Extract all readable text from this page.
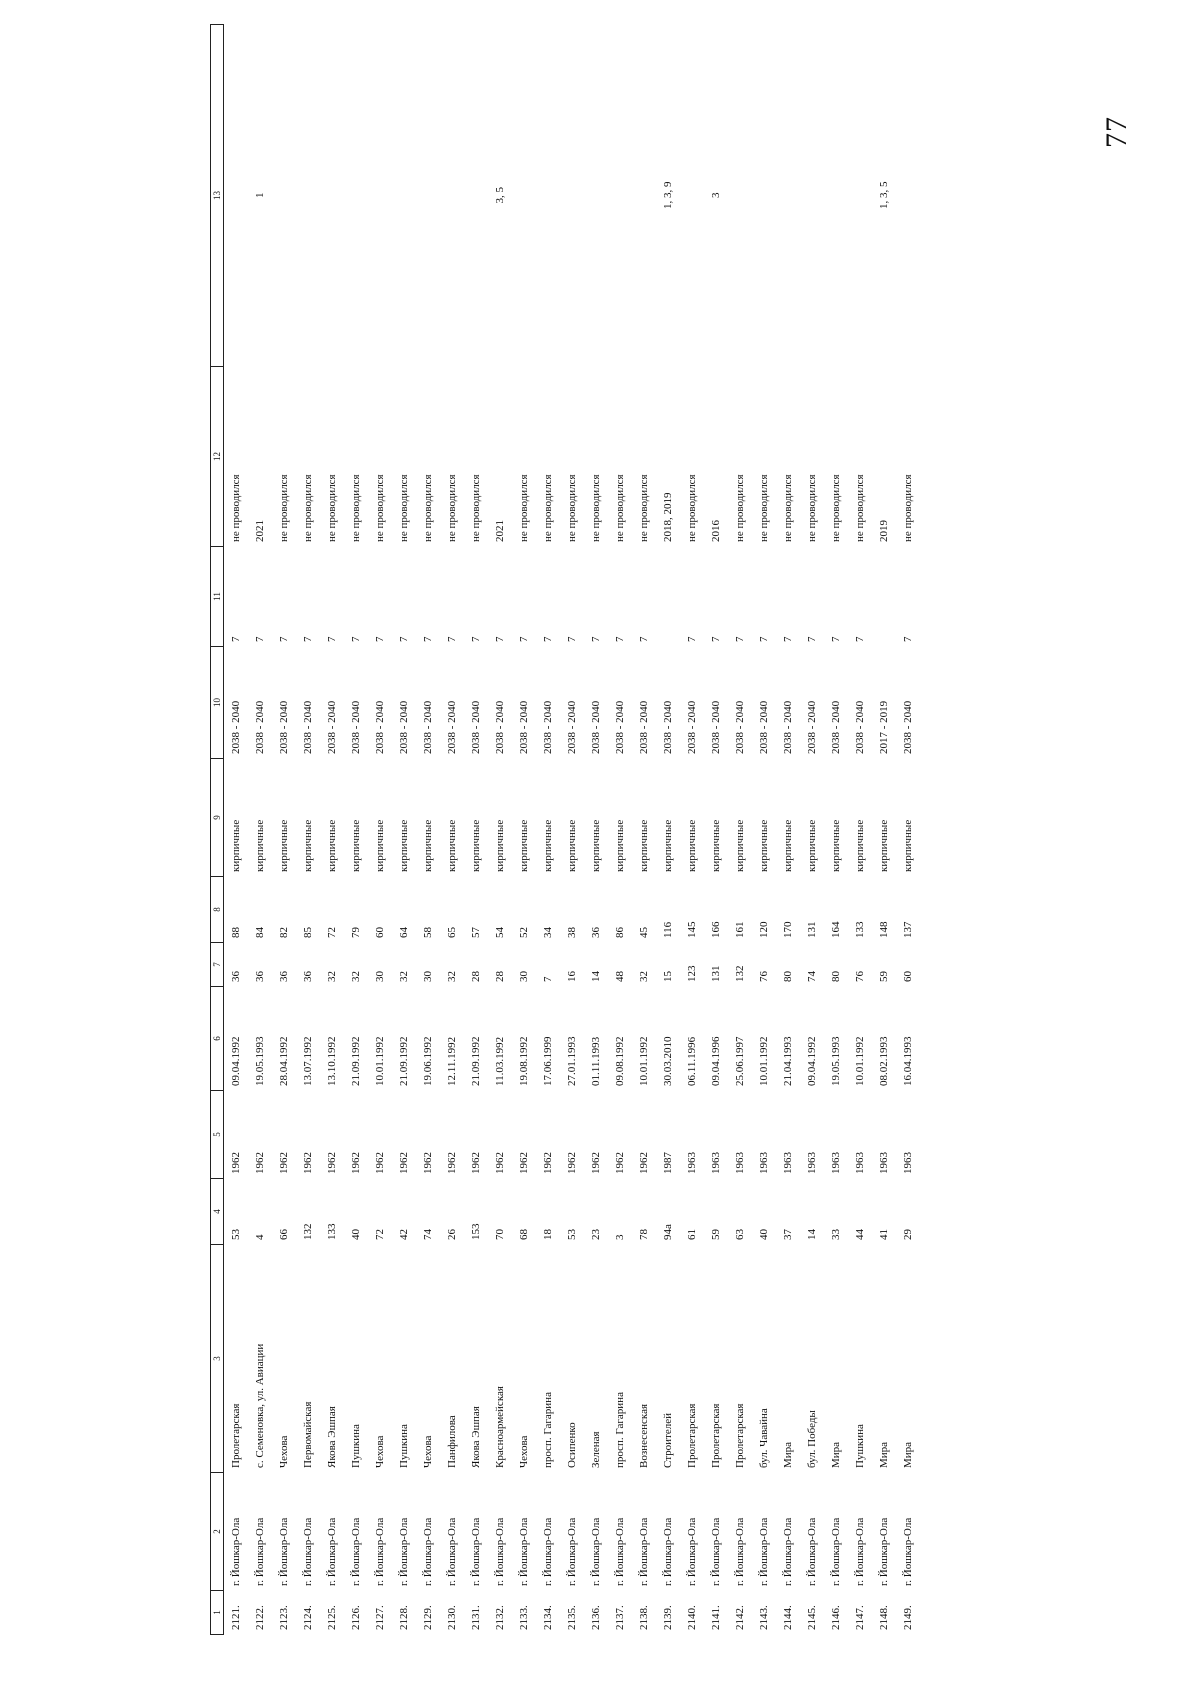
77
1	2	3	4	5	6	7	8	9	10	11	12	13
2121.	г. Йошкар-Ола	Пролетарская	53	1962	09.04.1992	36	88	кирпичные	2038 - 2040	7	не проводился	
2122.	г. Йошкар-Ола	с. Семеновка, ул. Авиации	4	1962	19.05.1993	36	84	кирпичные	2038 - 2040	7	2021	1
2123.	г. Йошкар-Ола	Чехова	66	1962	28.04.1992	36	82	кирпичные	2038 - 2040	7	не проводился	
2124.	г. Йошкар-Ола	Первомайская	132	1962	13.07.1992	36	85	кирпичные	2038 - 2040	7	не проводился	
2125.	г. Йошкар-Ола	Якова Эшпая	133	1962	13.10.1992	32	72	кирпичные	2038 - 2040	7	не проводился	
2126.	г. Йошкар-Ола	Пушкина	40	1962	21.09.1992	32	79	кирпичные	2038 - 2040	7	не проводился	
2127.	г. Йошкар-Ола	Чехова	72	1962	10.01.1992	30	60	кирпичные	2038 - 2040	7	не проводился	
2128.	г. Йошкар-Ола	Пушкина	42	1962	21.09.1992	32	64	кирпичные	2038 - 2040	7	не проводился	
2129.	г. Йошкар-Ола	Чехова	74	1962	19.06.1992	30	58	кирпичные	2038 - 2040	7	не проводился	
2130.	г. Йошкар-Ола	Панфилова	26	1962	12.11.1992	32	65	кирпичные	2038 - 2040	7	не проводился	
2131.	г. Йошкар-Ола	Якова Эшпая	153	1962	21.09.1992	28	57	кирпичные	2038 - 2040	7	не проводился	
2132.	г. Йошкар-Ола	Красноармейская	70	1962	11.03.1992	28	54	кирпичные	2038 - 2040	7	2021	3, 5
2133.	г. Йошкар-Ола	Чехова	68	1962	19.08.1992	30	52	кирпичные	2038 - 2040	7	не проводился	
2134.	г. Йошкар-Ола	просп. Гагарина	18	1962	17.06.1999	7	34	кирпичные	2038 - 2040	7	не проводился	
2135.	г. Йошкар-Ола	Осипенко	53	1962	27.01.1993	16	38	кирпичные	2038 - 2040	7	не проводился	
2136.	г. Йошкар-Ола	Зеленая	23	1962	01.11.1993	14	36	кирпичные	2038 - 2040	7	не проводился	
2137.	г. Йошкар-Ола	просп. Гагарина	3	1962	09.08.1992	48	86	кирпичные	2038 - 2040	7	не проводился	
2138.	г. Йошкар-Ола	Вознесенская	78	1962	10.01.1992	32	45	кирпичные	2038 - 2040	7	не проводился	
2139.	г. Йошкар-Ола	Строителей	94а	1987	30.03.2010	15	116	кирпичные	2038 - 2040		2018, 2019	1, 3, 9
2140.	г. Йошкар-Ола	Пролетарская	61	1963	06.11.1996	123	145	кирпичные	2038 - 2040	7	не проводился	
2141.	г. Йошкар-Ола	Пролетарская	59	1963	09.04.1996	131	166	кирпичные	2038 - 2040	7	2016	3
2142.	г. Йошкар-Ола	Пролетарская	63	1963	25.06.1997	132	161	кирпичные	2038 - 2040	7	не проводился	
2143.	г. Йошкар-Ола	бул. Чавайна	40	1963	10.01.1992	76	120	кирпичные	2038 - 2040	7	не проводился	
2144.	г. Йошкар-Ола	Мира	37	1963	21.04.1993	80	170	кирпичные	2038 - 2040	7	не проводился	
2145.	г. Йошкар-Ола	бул. Победы	14	1963	09.04.1992	74	131	кирпичные	2038 - 2040	7	не проводился	
2146.	г. Йошкар-Ола	Мира	33	1963	19.05.1993	80	164	кирпичные	2038 - 2040	7	не проводился	
2147.	г. Йошкар-Ола	Пушкина	44	1963	10.01.1992	76	133	кирпичные	2038 - 2040	7	не проводился	
2148.	г. Йошкар-Ола	Мира	41	1963	08.02.1993	59	148	кирпичные	2017 - 2019		2019	1, 3, 5
2149.	г. Йошкар-Ола	Мира	29	1963	16.04.1993	60	137	кирпичные	2038 - 2040	7	не проводился	
